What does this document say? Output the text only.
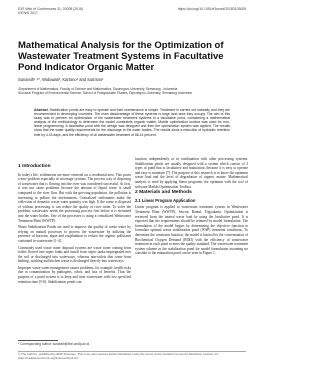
E3S Web of Conferences 31, 03008 (2018)
ICENIS 2017
https://doi.org/10.1051/e3sconf/20183103008
Mathematical Analysis for the Optimization of Wastewater Treatment Systems in Facultative Pond Indicator Organic Matter
Sunarsih¹˒²*, Widowati¹, Kartono¹ and Sutrisno¹
¹Department of Mathematics, Faculty of Science and Mathematics, Diponegoro University, Semarang - Indonesia
²Doctoral Program of Environmental Science, School of Postgraduate Studies, Diponegoro University, Semarang-Indonesia
Abstract. Stabilization ponds are easy to operate and their maintenance is simple. Treatment is carried out naturally and they are recommended in developing countries. The main disadvantage of these systems is large land area they occupy. The aim of this study was to perform an optimization of the wastewater treatment systems in a facultative pond, considering a mathematical analysis of the methodology to determine the model constraints organic matter. Mobile optimization toolbox was used for non-linear programming. A facultative pond with the design was designed and then the optimization system was applied. The results show that the water quality requirements for the discharge to the water bodies. The results show a reduction of hydraulic retention time by 4.43 days, and the efficiency of oil wastewater treatment of 86.14 percent.
1 Introduction

In today's life, settlements are more centered on a residential area. This poses a new problem especially in sewerage systems. The process way of disposing of wastewater that is flowing into the river was considered successful. At first, it was not cause problems because the amount of liquid waste is small compared to the river flow. But with the growing population, the pollution is increasing to pollute the environment. Centralized settlements make the collection of domestic waste water quantity was high. If the waste is disposed of without processing, it can reduce the quality of river water. To solve the problem, wastewater needs the processing process first before it is streamed into the water bodies. One of the processes is using a centralized Wastewater Treatment Plant (WWTP).

Waste Stabilization Ponds are used to improve the quality of waste water by relying on natural processes to process the wastewater by utilizing the presence of bacteria, algae and zooplankton to reduce the organic pollutants contained in wastewater [1-4].

Commonly used waste water disposal systems are waste water coming from toilets flowed into septic tanks and runoff from septic tanks impregnated into the soil or discharged into waterways, whereas non-toilets that come from bathing, washing and kitchen waste is discharged directly into waterways.

Improper waste water management causes problems, for example, health risks due to contamination by pathogens, odors, and loss of benefits. Thus the purpose of a pond system is to keep and treat wastewater with low specified retention time [5-6]. Stabilization ponds can

function independently or in combination with other processing systems. Stabilization ponds are usually designed with a system which consist of 2 types of pond that is facultative and maturation, because it is easy to operate and easy to maintain [7]. The purpose of this research is to know the optimum waste load and the level of degradation of organic matter. Mathematical analysis is used by applying linear programs, the optimum with the tool of software Matlab Optimization Toolbox.

2 Materials and Methods
2.1 Linear Program Application

Linear program is applied to wastewater treatment system in Wastewater Treatment Plant (WWTP), Sewon, Bantul, Yogyakarta. Optimization is reviewed from the treated waste load by using the facultative pond. It is expected that the requirements should be retained by model formulation. The formulation of the model begins by determining the objective function to formulate optimal waste stabilization pond (WSP) treatment conditions. To determine the constraint function, the model is limited by the concentration of Biochemical Oxygen Demand (BOD) with the efficiency of wastewater treatment in each pond to meet the quality standard. The wastewater treatment system scheme in the stabilization pond for model formulation assuming no consider to the maturation pond can be seen in Figure 1.

* Corresponding author: sunarsih@live.undip.ac.id
© The Authors, published by EDP Sciences. This is an open access article distributed under the terms of the Creative Commons Attribution License 4.0 (http://creativecommons.org/licenses/by/4.0/).
